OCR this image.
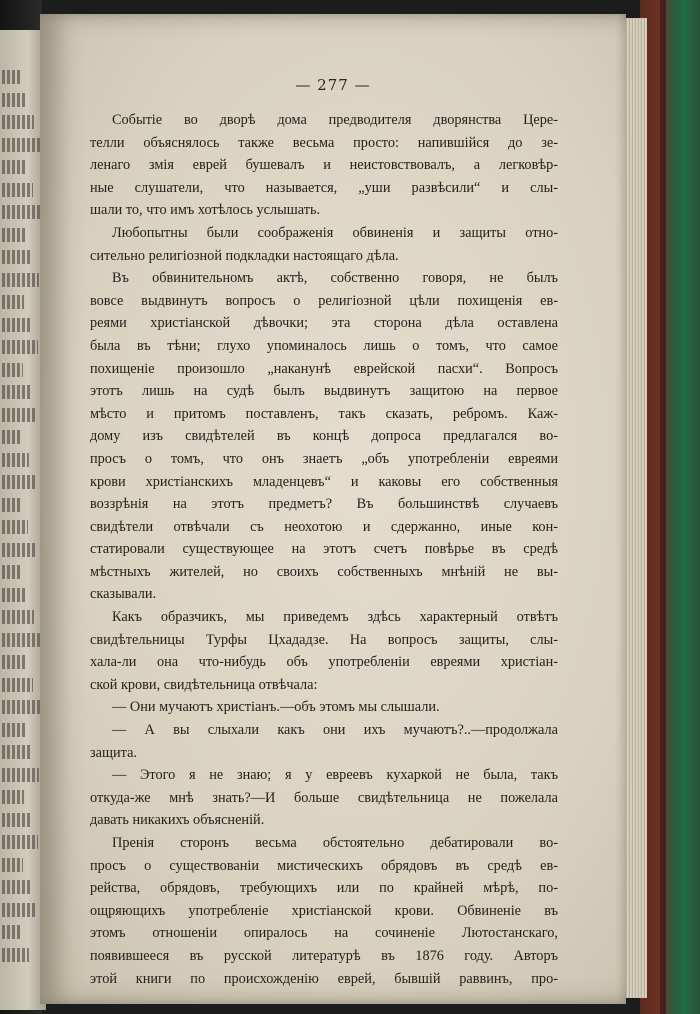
— 277 —
Событіе во дворѣ дома предводителя дворянства Цере-
телли объяснялось также весьма просто: напившійся до зе-
ленаго змія еврей бушевалъ и неистовствовалъ, а легковѣр-
ные слушатели, что называется, „уши развѣсили“ и слы-
шали то, что имъ хотѣлось услышать.
Любопытны были соображенія обвиненія и защиты отно-
сительно религіозной подкладки настоящаго дѣла.
Въ обвинительномъ актѣ, собственно говоря, не былъ
вовсе выдвинутъ вопросъ о религіозной цѣли похищенія ев-
реями христіанской дѣвочки; эта сторона дѣла оставлена
была въ тѣни; глухо упоминалось лишь о томъ, что самое
похищеніе произошло „наканунѣ еврейской пасхи“. Вопросъ
этотъ лишь на судѣ былъ выдвинутъ защитою на первое
мѣсто и притомъ поставленъ, такъ сказать, ребромъ. Каж-
дому изъ свидѣтелей въ концѣ допроса предлагался во-
просъ о томъ, что онъ знаетъ „объ употребленіи евреями
крови христіанскихъ младенцевъ“ и каковы его собственныя
воззрѣнія на этотъ предметъ? Въ большинствѣ случаевъ
свидѣтели отвѣчали съ неохотою и сдержанно, иные кон-
статировали существующее на этотъ счетъ повѣрье въ средѣ
мѣстныхъ жителей, но своихъ собственныхъ мнѣній не вы-
сказывали.
Какъ образчикъ, мы приведемъ здѣсь характерный отвѣтъ
свидѣтельницы Турфы Цхададзе. На вопросъ защиты, слы-
хала-ли она что-нибудь объ употребленіи евреями христіан-
ской крови, свидѣтельница отвѣчала:
— Они мучаютъ христіанъ.—объ этомъ мы слышали.
— А вы слыхали какъ они ихъ мучаютъ?..—продолжала
защита.
— Этого я не знаю; я у евреевъ кухаркой не была, такъ
откуда-же мнѣ знать?—И больше свидѣтельница не пожелала
давать никакихъ объясненій.
Пренія сторонъ весьма обстоятельно дебатировали во-
просъ о существованіи мистическихъ обрядовъ въ средѣ ев-
рейства, обрядовъ, требующихъ или по крайней мѣрѣ, по-
ощряющихъ употребленіе христіанской крови. Обвиненіе въ
этомъ отношеніи опиралось на сочиненіе Лютостанскаго,
появившееся въ русской литературѣ въ 1876 году. Авторъ
этой книги по происхожденію еврей, бывшій раввинъ, про-
